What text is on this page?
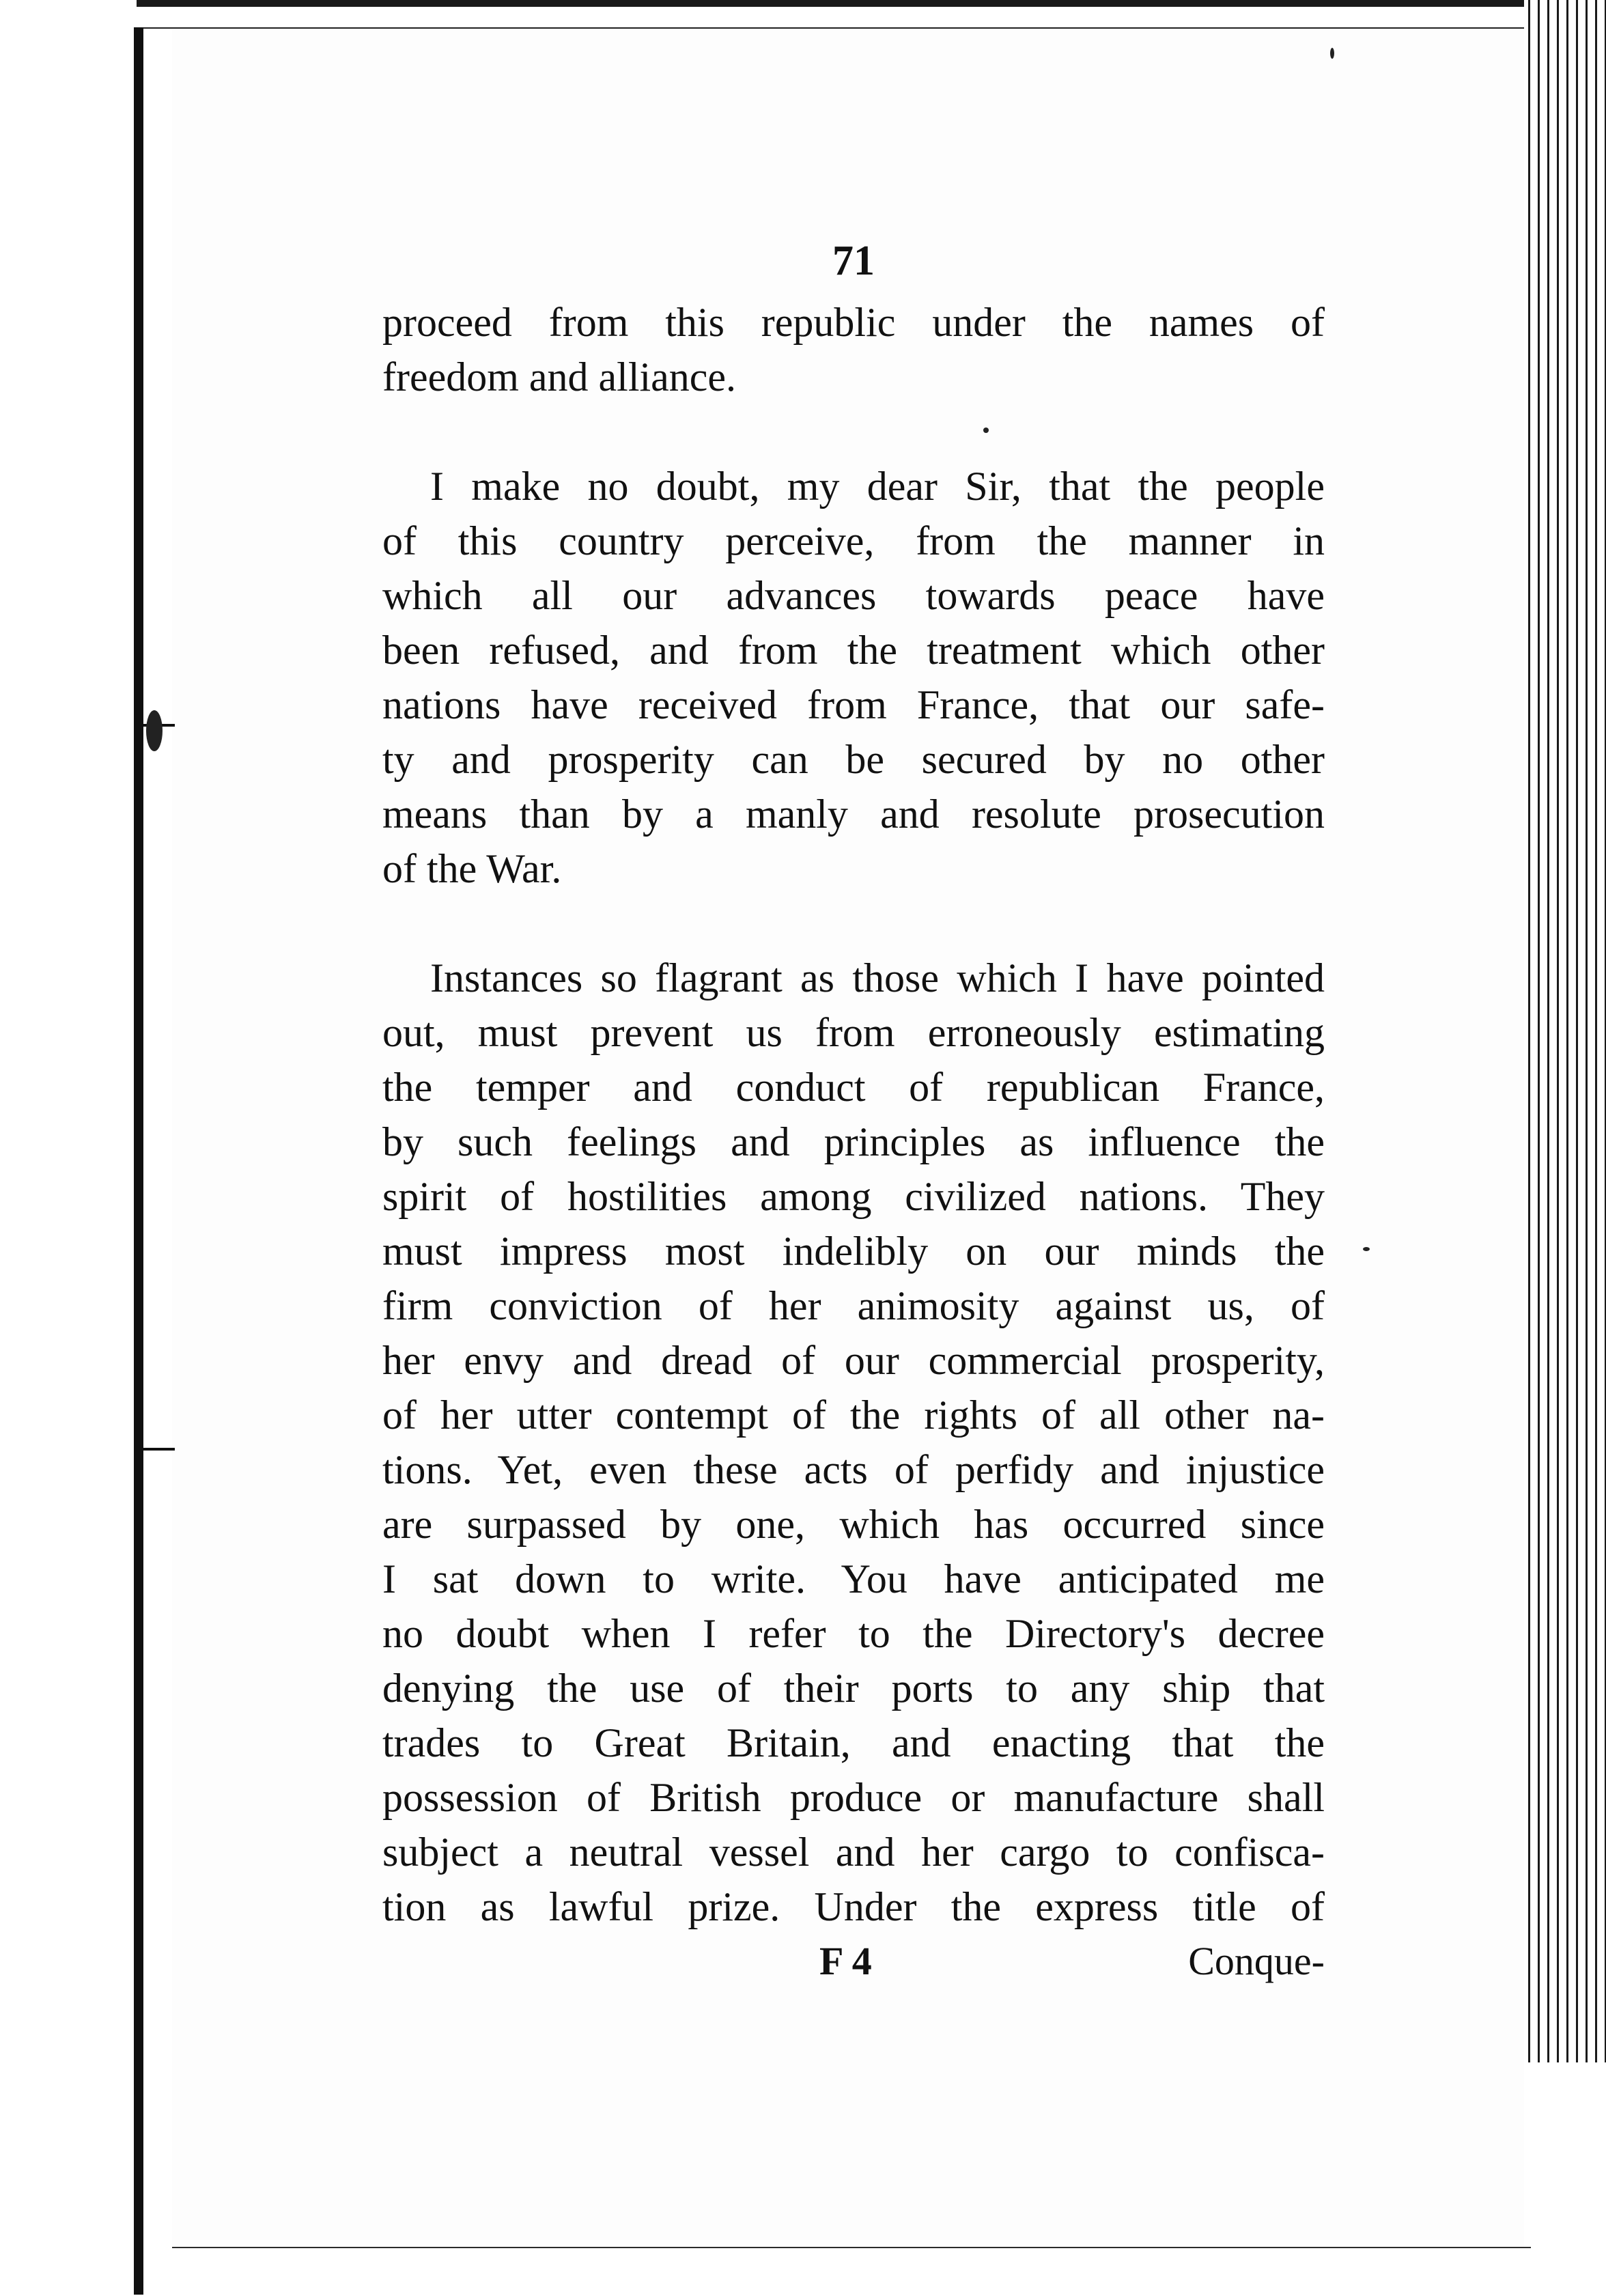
71
proceed from this republic under the names of
freedom and alliance.
I make no doubt, my dear Sir, that the people
of this country perceive, from the manner in
which all our advances towards peace have
been refused, and from the treatment which other
nations have received from France, that our safe-
ty and prosperity can be secured by no other
means than by a manly and resolute prosecution
of the War.
Instances so flagrant as those which I have pointed
out, must prevent us from erroneously estimating
the temper and conduct of republican France,
by such feelings and principles as influence the
spirit of hostilities among civilized nations. They
must impress most indelibly on our minds the
firm conviction of her animosity against us, of
her envy and dread of our commercial prosperity,
of her utter contempt of the rights of all other na-
tions. Yet, even these acts of perfidy and injustice
are surpassed by one, which has occurred since
I sat down to write. You have anticipated me
no doubt when I refer to the Directory's decree
denying the use of their ports to any ship that
trades to Great Britain, and enacting that the
possession of British produce or manufacture shall
subject a neutral vessel and her cargo to confisca-
tion as lawful prize. Under the express title of
F 4	Conque-
